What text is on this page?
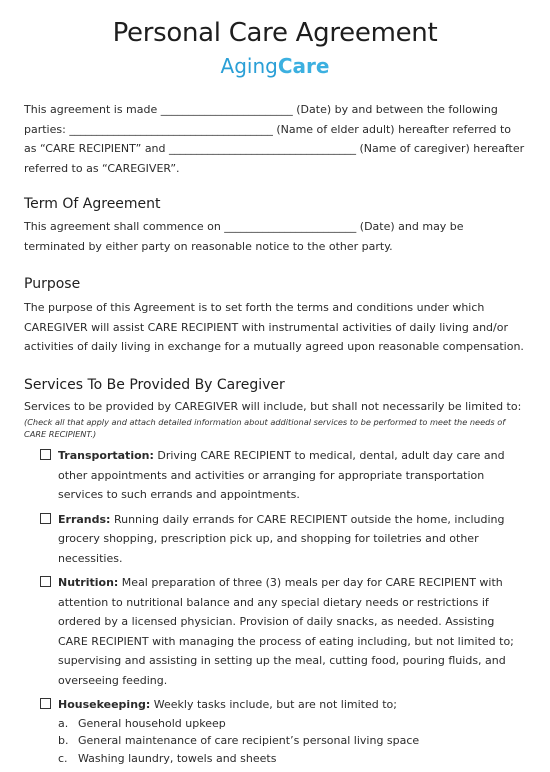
Personal Care Agreement
AgingCare

This agreement is made ________________________ (Date) by and between the following parties: _____________________________________ (Name of elder adult) hereafter referred to as “CARE RECIPIENT” and __________________________________ (Name of caregiver) hereafter referred to as “CAREGIVER”.

Term Of Agreement

This agreement shall commence on ________________________ (Date) and may be terminated by either party on reasonable notice to the other party.

Purpose

The purpose of this Agreement is to set forth the terms and conditions under which CAREGIVER will assist CARE RECIPIENT with instrumental activities of daily living and/or activities of daily living in exchange for a mutually agreed upon reasonable compensation.

Services To Be Provided By Caregiver

Services to be provided by CAREGIVER will include, but shall not necessarily be limited to:

(Check all that apply and attach detailed information about additional services to be performed to meet the needs of CARE RECIPIENT.)

Transportation: Driving CARE RECIPIENT to medical, dental, adult day care and other appointments and activities or arranging for appropriate transportation services to such errands and appointments.
Errands: Running daily errands for CARE RECIPIENT outside the home, including grocery shopping, prescription pick up, and shopping for toiletries and other necessities.
Nutrition: Meal preparation of three (3) meals per day for CARE RECIPIENT with attention to nutritional balance and any special dietary needs or restrictions if ordered by a licensed physician. Provision of daily snacks, as needed. Assisting CARE RECIPIENT with managing the process of eating including, but not limited to; supervising and assisting in setting up the meal, cutting food, pouring fluids, and overseeing feeding.
Housekeeping: Weekly tasks include, but are not limited to;
a. General household upkeep
b. General maintenance of care recipient’s personal living space
c. Washing laundry, towels and sheets
